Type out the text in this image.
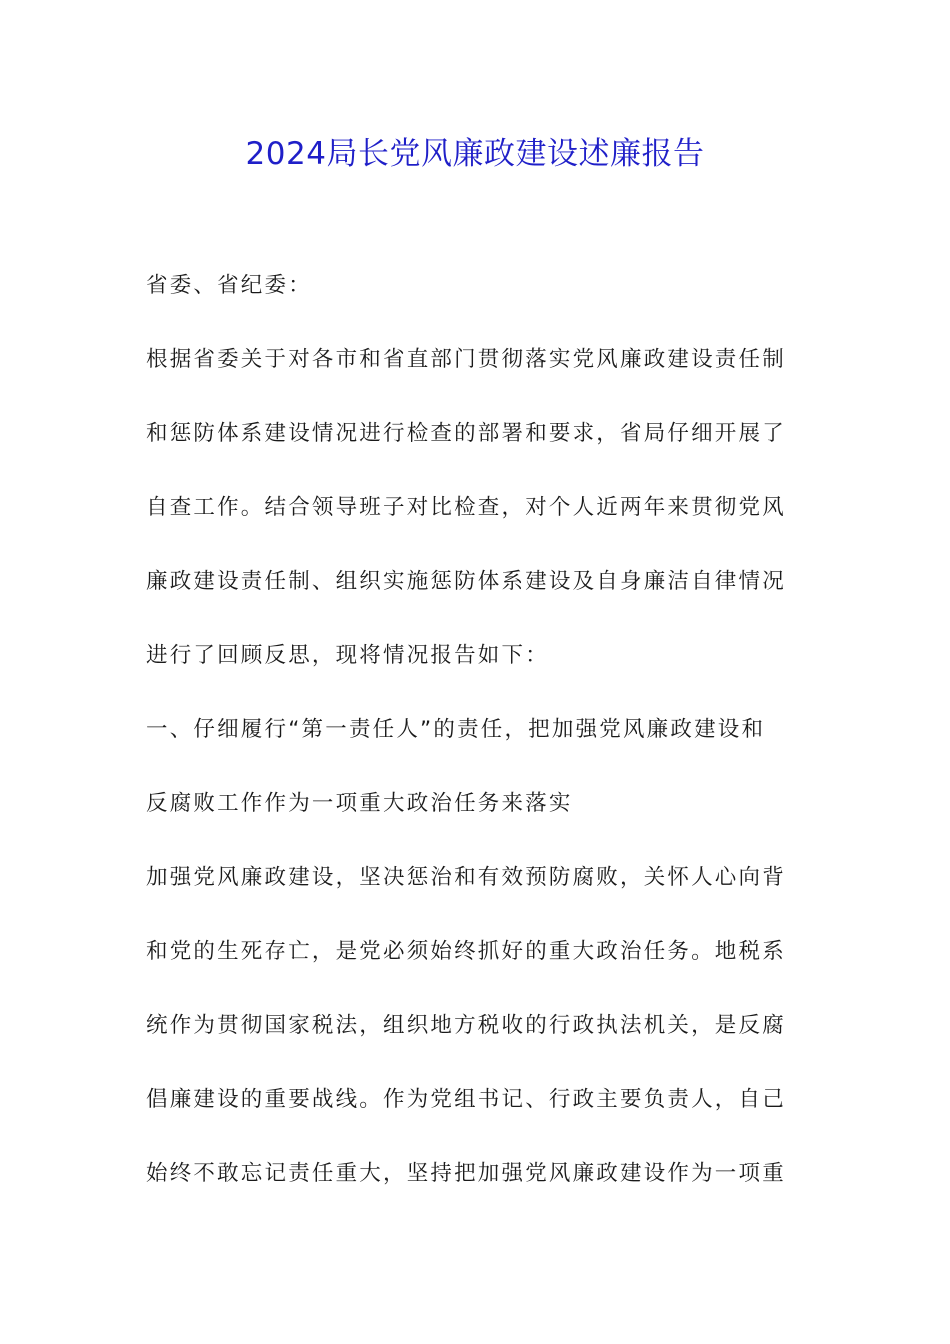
2024局长党风廉政建设述廉报告
省委、省纪委：
根据省委关于对各市和省直部门贯彻落实党风廉政建设责任制
和惩防体系建设情况进行检查的部署和要求，省局仔细开展了
自查工作。结合领导班子对比检查，对个人近两年来贯彻党风
廉政建设责任制、组织实施惩防体系建设及自身廉洁自律情况
进行了回顾反思，现将情况报告如下：
一、仔细履行“第一责任人”的责任，把加强党风廉政建设和
反腐败工作作为一项重大政治任务来落实
加强党风廉政建设，坚决惩治和有效预防腐败，关怀人心向背
和党的生死存亡，是党必须始终抓好的重大政治任务。地税系
统作为贯彻国家税法，组织地方税收的行政执法机关，是反腐
倡廉建设的重要战线。作为党组书记、行政主要负责人，自己
始终不敢忘记责任重大，坚持把加强党风廉政建设作为一项重
